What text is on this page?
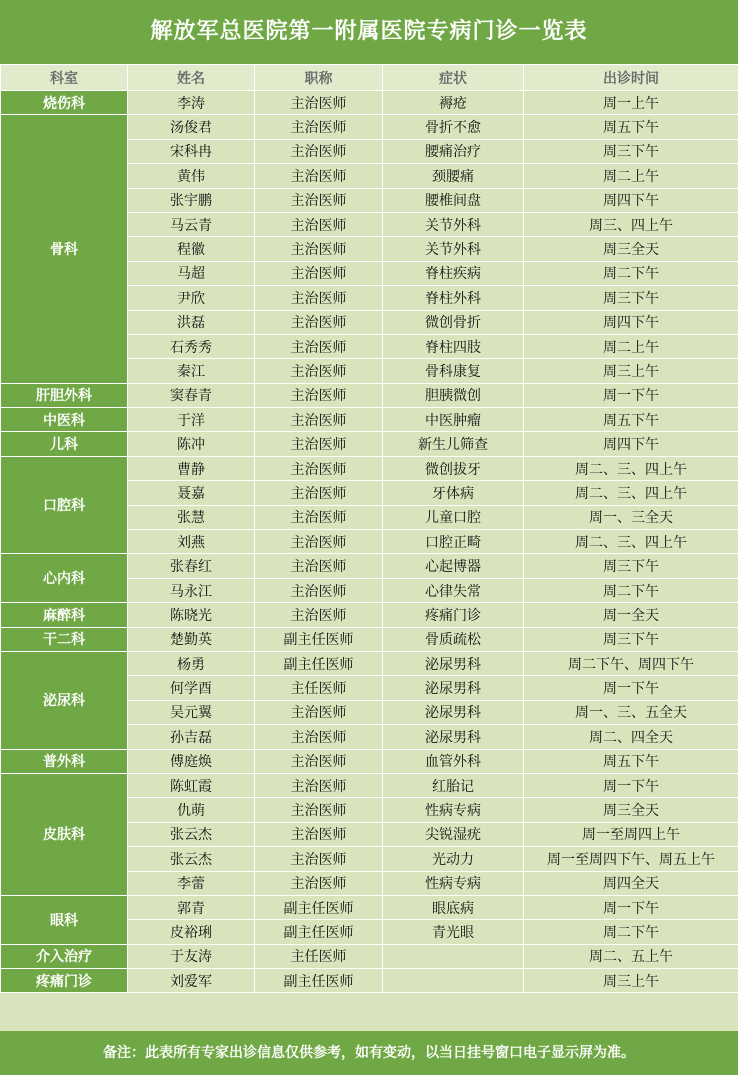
解放军总医院第一附属医院专病门诊一览表
科室	姓名	职称	症状	出诊时间
烧伤科	李涛	主治医师	褥疮	周一上午
骨科	汤俊君	主治医师	骨折不愈	周五下午
	宋科冉	主治医师	腰痛治疗	周三下午
	黄伟	主治医师	颈腰痛	周二上午
	张宇鹏	主治医师	腰椎间盘	周四下午
	马云青	主治医师	关节外科	周三、四上午
	程徽	主治医师	关节外科	周三全天
	马超	主治医师	脊柱疾病	周二下午
	尹欣	主治医师	脊柱外科	周三下午
	洪磊	主治医师	微创骨折	周四下午
	石秀秀	主治医师	脊柱四肢	周二上午
	秦江	主治医师	骨科康复	周三上午
肝胆外科	窦春青	主治医师	胆胰微创	周一下午
中医科	于洋	主治医师	中医肿瘤	周五下午
儿科	陈冲	主治医师	新生儿筛查	周四下午
口腔科	曹静	主治医师	微创拔牙	周二、三、四上午
	聂嘉	主治医师	牙体病	周二、三、四上午
	张慧	主治医师	儿童口腔	周一、三全天
	刘燕	主治医师	口腔正畸	周二、三、四上午
心内科	张春红	主治医师	心起博器	周三下午
	马永江	主治医师	心律失常	周二下午
麻醉科	陈晓光	主治医师	疼痛门诊	周一全天
干二科	楚勤英	副主任医师	骨质疏松	周三下午
泌尿科	杨勇	副主任医师	泌尿男科	周二下午、周四下午
	何学酉	主任医师	泌尿男科	周一下午
	吴元翼	主治医师	泌尿男科	周一、三、五全天
	孙吉磊	主治医师	泌尿男科	周二、四全天
普外科	傅庭焕	主治医师	血管外科	周五下午
皮肤科	陈虹霞	主治医师	红胎记	周一下午
	仇萌	主治医师	性病专病	周三全天
	张云杰	主治医师	尖锐湿疣	周一至周四上午
	张云杰	主治医师	光动力	周一至周四下午、周五上午
	李蕾	主治医师	性病专病	周四全天
眼科	郭青	副主任医师	眼底病	周一下午
	皮裕琍	副主任医师	青光眼	周二下午
介入治疗	于友涛	主任医师		周二、五上午
疼痛门诊	刘爱军	副主任医师		周三上午
备注：此表所有专家出诊信息仅供参考，如有变动，以当日挂号窗口电子显示屏为准。
